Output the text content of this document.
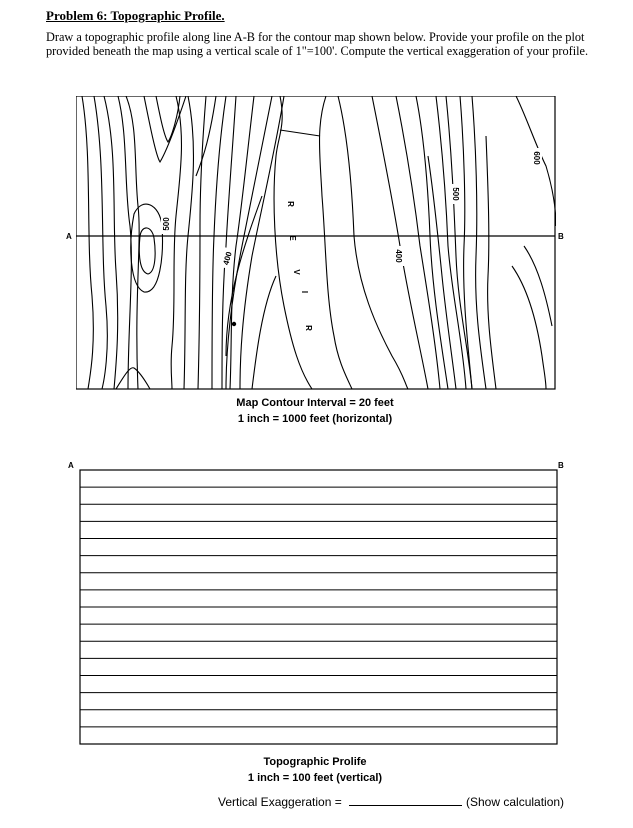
Problem 6: Topographic Profile.
Draw a topographic profile along line A-B for the contour map shown below. Provide your profile on the plot provided beneath the map using a vertical scale of 1"=100'. Compute the vertical exaggeration of your profile.
500
400	400
500
600
R
I
V
E
R
A	B
Map Contour Interval = 20 feet
1 inch = 1000 feet (horizontal)
A	B
Topographic Prolife
1 inch = 100 feet (vertical)
Vertical Exaggeration =	(Show calculation)
